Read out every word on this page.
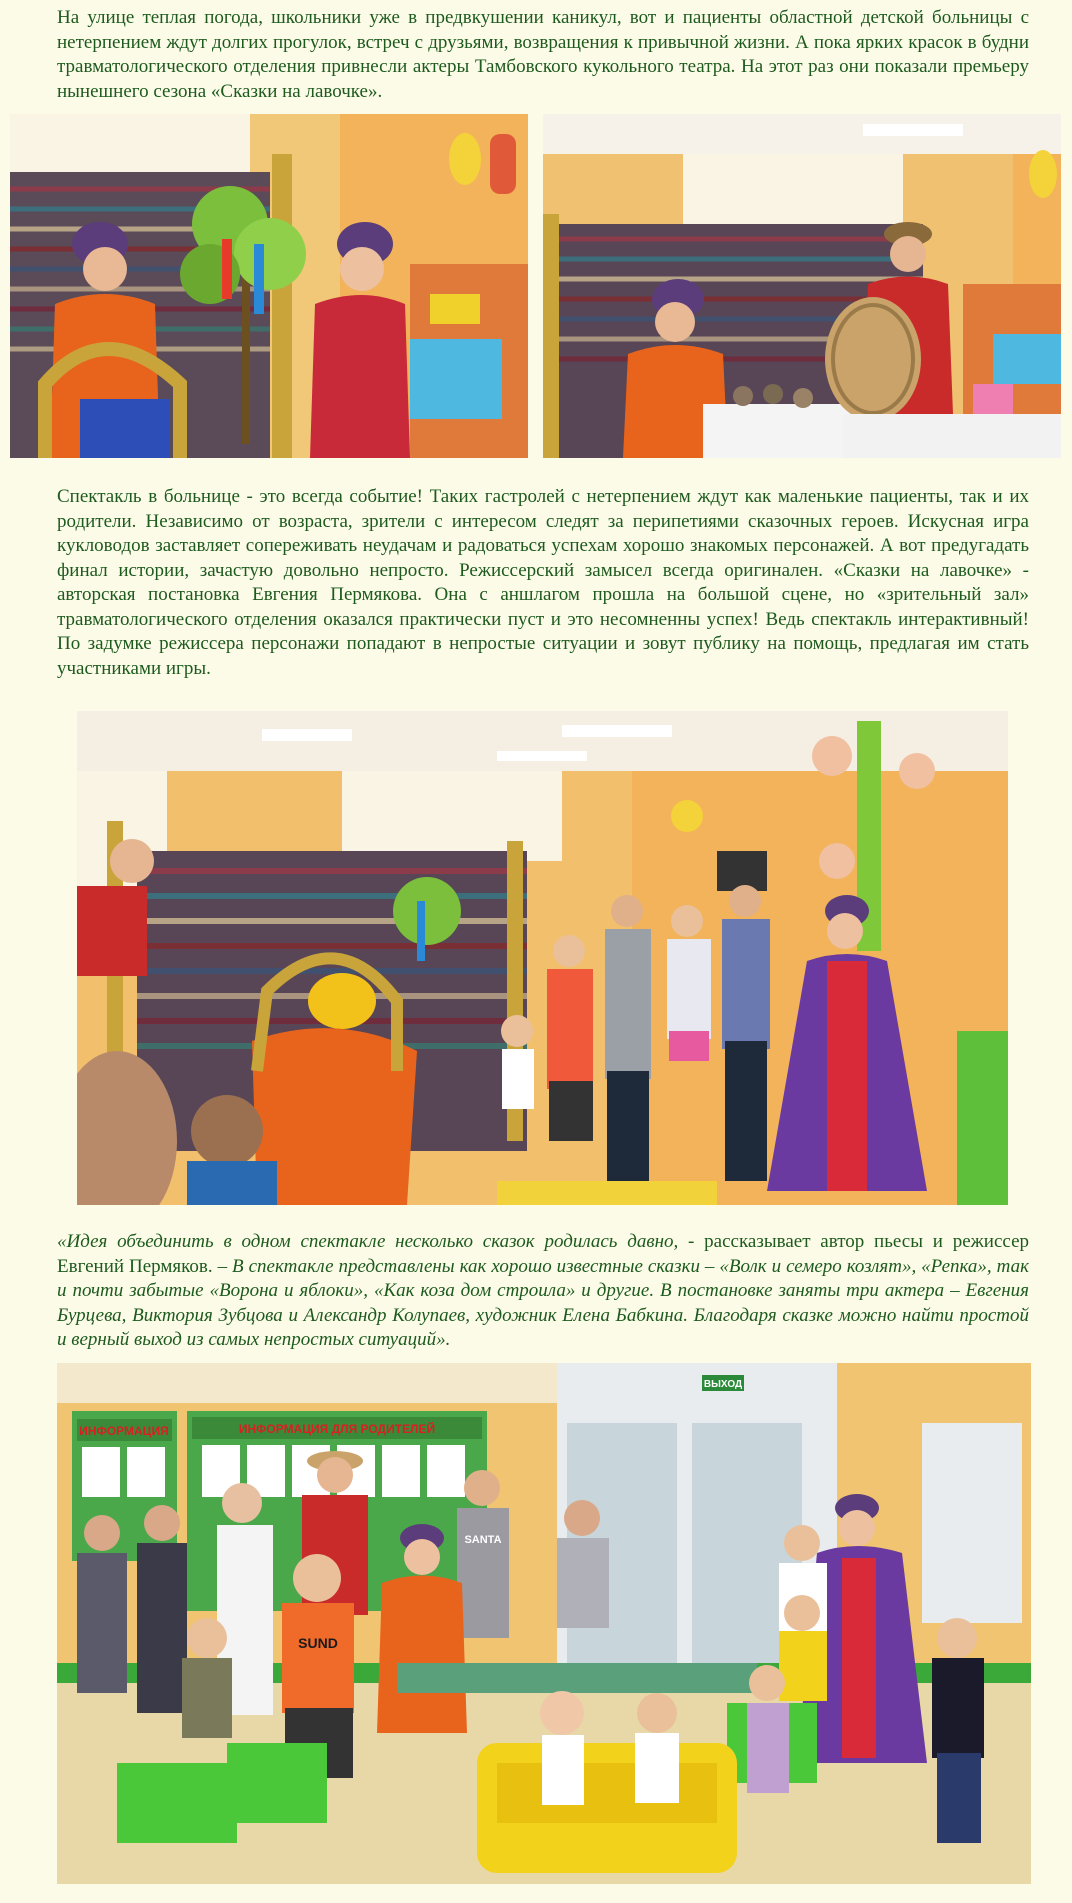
На улице теплая погода, школьники уже в предвкушении каникул, вот и пациенты областной детской больницы с нетерпением ждут долгих прогулок, встреч с друзьями, возвращения к привычной жизни. А пока ярких красок в будни травматологического отделения привнесли актеры Тамбовского кукольного театра. На этот раз они показали премьеру нынешнего сезона «Сказки на лавочке».

Спектакль в больнице - это всегда событие! Таких гастролей с нетерпением ждут как маленькие пациенты, так и их родители. Независимо от возраста, зрители с интересом следят за перипетиями сказочных героев. Искусная игра кукловодов заставляет сопереживать неудачам и радоваться успехам хорошо знакомых персонажей. А вот предугадать финал истории, зачастую довольно непросто. Режиссерский замысел всегда оригинален. «Сказки на лавочке» - авторская постановка Евгения Пермякова. Она с аншлагом прошла на большой сцене, но «зрительный зал» травматологического отделения оказался практически пуст и это несомненны успех! Ведь спектакль интерактивный! По задумке режиссера персонажи попадают в непростые ситуации и зовут публику на помощь, предлагая им стать участниками игры.

«Идея объединить в одном спектакле несколько сказок родилась давно, - рассказывает автор пьесы и режиссер Евгений Пермяков. – В спектакле представлены как хорошо известные сказки – «Волк и семеро козлят», «Репка», так и почти забытые «Ворона и яблоки», «Как коза дом строила» и другие. В постановке заняты три актера – Евгения Бурцева, Виктория Зубцова и Александр Колупаев, художник Елена Бабкина. Благодаря сказке можно найти простой и верный выход из самых непростых ситуаций».

ИНФОРМАЦИЯ	ИНФОРМАЦИЯ ДЛЯ РОДИТЕЛЕЙ
ВЫХОД
SANTA
SUND
